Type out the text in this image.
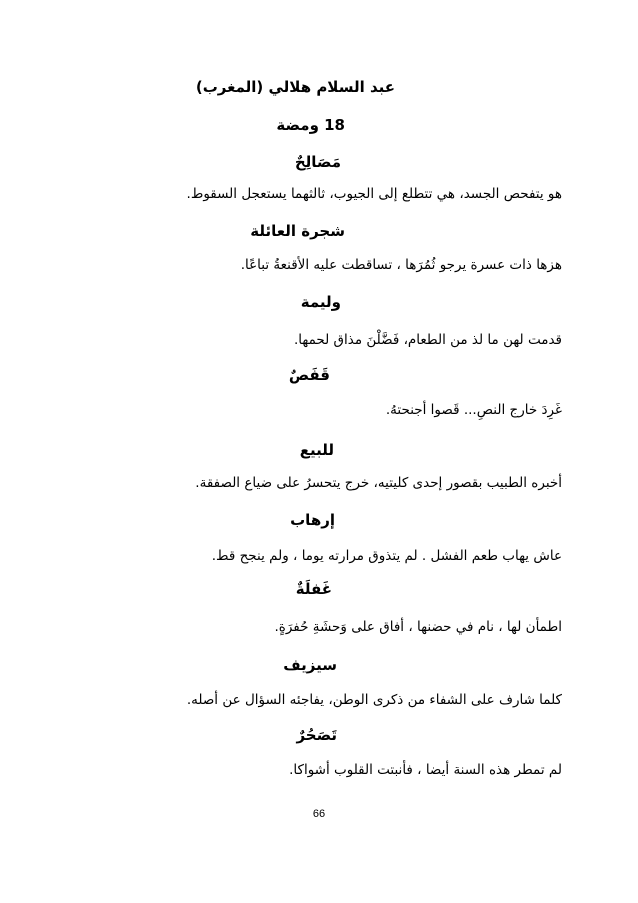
عبد السلام هلالي (المغرب)
18 ومضة
مَصَالِحٌ
هو يتفحص الجسد، هي تتطلع إلى الجيوب، ثالثهما يستعجل السقوط.
شجرة العائلة
هزها ذات عسرة يرجو ثُمُرَها ، تساقطت عليه الأقنعةُ تباعًا.
وليمة
قدمت لهن ما لذ من الطعام، فَضَّلْنَ مذاق لحمها.
قَفَصٌ
غَرِدَ خارج النصِ... قَصوا أجنحتهُ.
للبيع
أخبره الطبيب بقصور إحدى كليتيه، خرج يتحسرُ على ضياع الصفقة.
إرهاب
عاش يهاب طعم الفشل . لم يتذوق مرارته يوما ، ولم ينجح قط.
غَفلَةٌ
اطمأن لها ، نام في حضنها ، أفاق على وَحشَةِ حُفرَةٍ.
سيزيف
كلما شارف على الشفاء من ذكرى الوطن، يفاجئه السؤال عن أصله.
تَصَحُرٌ
لم تمطر هذه السنة أيضا ، فأنبتت القلوب أشواكا.
66
